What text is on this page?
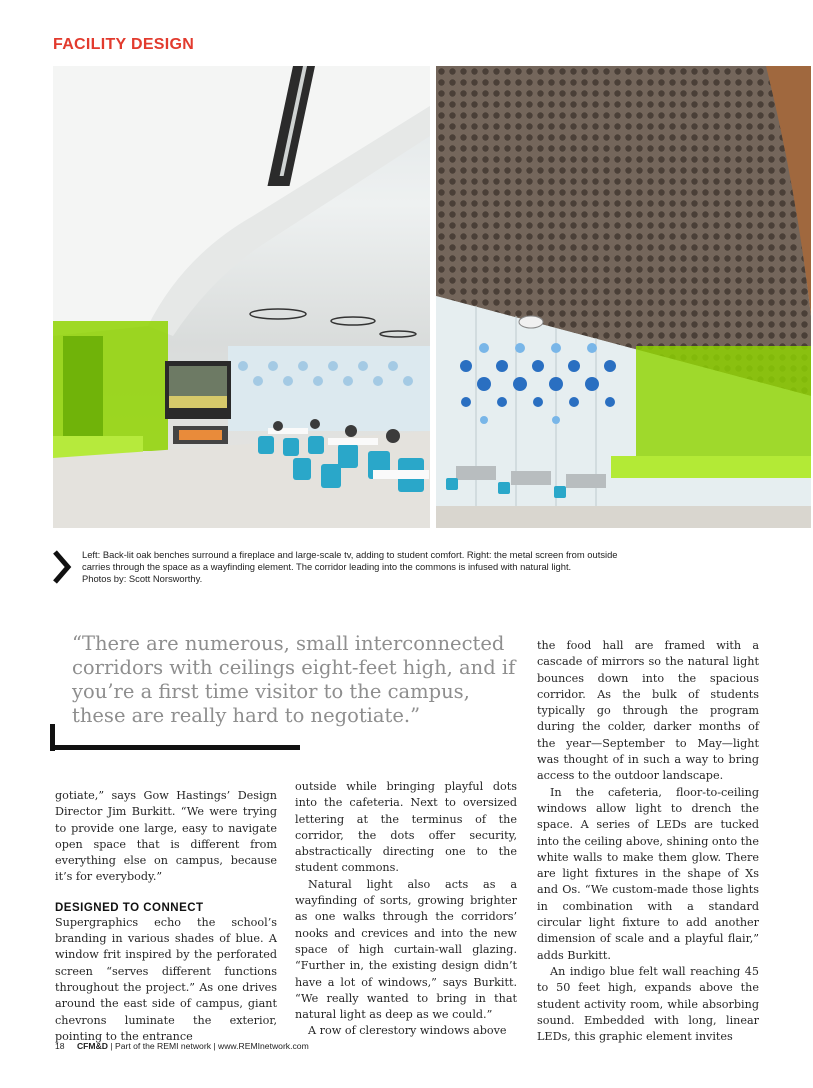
FACILITY DESIGN

Left: Back-lit oak benches surround a fireplace and large-scale tv, adding to student comfort. Right: the metal screen from outside

carries through the space as a wayfinding element. The corridor leading into the commons is infused with natural light.

Photos by: Scott Norsworthy.

“There are numerous, small interconnected corridors with ceilings eight-feet high, and if you’re a first time visitor to the campus, these are really hard to negotiate.”

gotiate,” says Gow Hastings’ Design Director Jim Burkitt. “We were trying to provide one large, easy to navigate open space that is different from everything else on campus, because it’s for everybody.”

DESIGNED TO CONNECT

Supergraphics echo the school’s branding in various shades of blue. A window frit inspired by the perforated screen “serves different functions throughout the project.” As one drives around the east side of campus, giant chevrons luminate the exterior, pointing to the entrance

outside while bringing playful dots into the cafeteria. Next to oversized lettering at the terminus of the corridor, the dots offer security, abstractically directing one to the student commons.

Natural light also acts as a wayfinding of sorts, growing brighter as one walks through the corridors’ nooks and crevices and into the new space of high curtain-wall glazing. “Further in, the existing design didn’t have a lot of windows,” says Burkitt. “We really wanted to bring in that natural light as deep as we could.”

A row of clerestory windows above

the food hall are framed with a cascade of mirrors so the natural light bounces down into the spacious corridor. As the bulk of students typically go through the program during the colder, darker months of the year—September to May—light was thought of in such a way to bring access to the outdoor landscape.

In the cafeteria, floor-to-ceiling windows allow light to drench the space. A series of LEDs are tucked into the ceiling above, shining onto the white walls to make them glow. There are light fixtures in the shape of Xs and Os. “We custom-made those lights in combination with a standard circular light fixture to add another dimension of scale and a playful flair,” adds Burkitt.

An indigo blue felt wall reaching 45 to 50 feet high, expands above the student activity room, while absorbing sound. Embedded with long, linear LEDs, this graphic element invites

18 CFM&D | Part of the REMI network | www.REMInetwork.com
